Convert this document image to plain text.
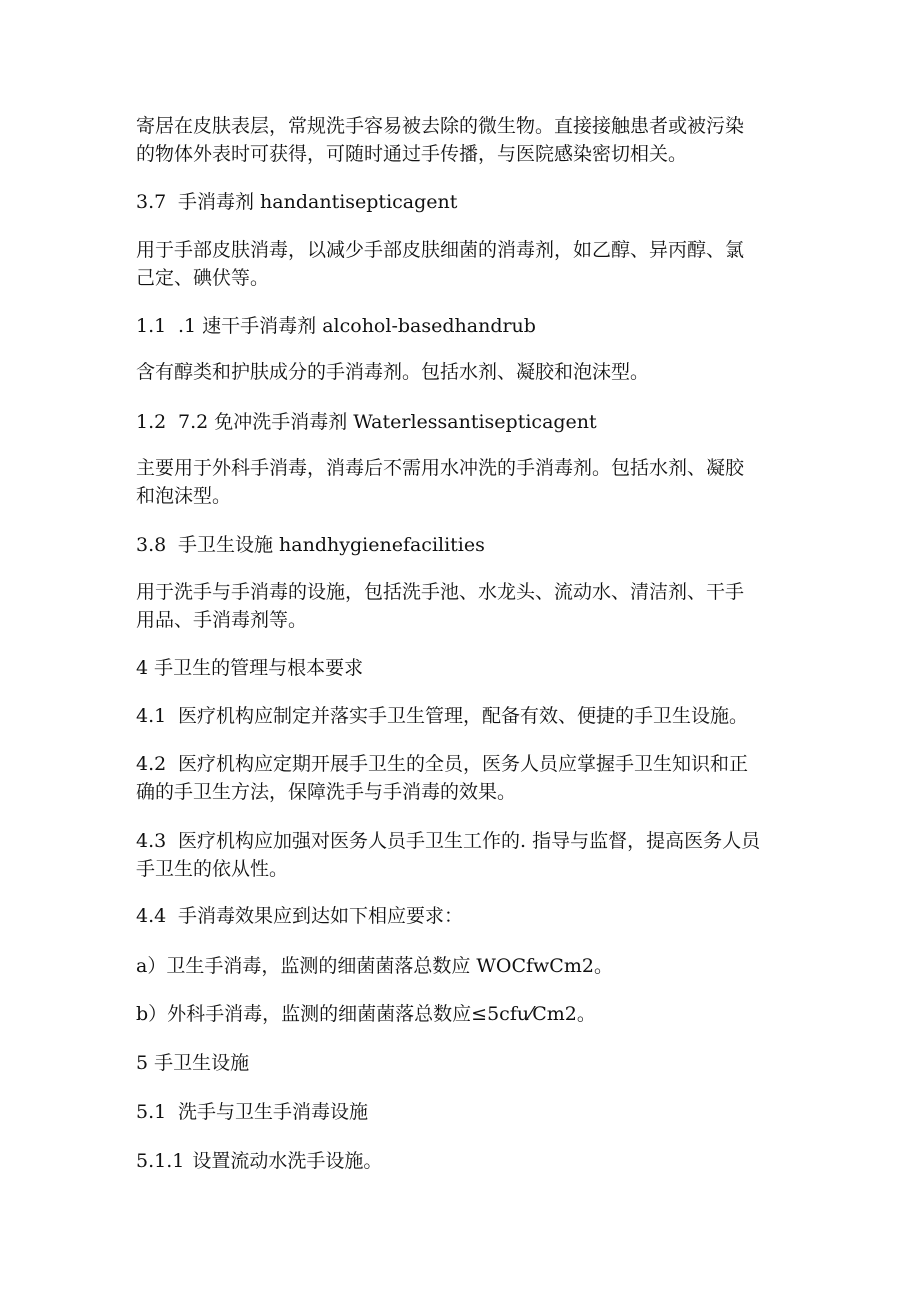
寄居在皮肤表层，常规洗手容易被去除的微生物。直接接触患者或被污染
的物体外表时可获得，可随时通过手传播，与医院感染密切相关。

3.7 手消毒剂 handantisepticagent

用于手部皮肤消毒，以减少手部皮肤细菌的消毒剂，如乙醇、异丙醇、氯
己定、碘伏等。

1.1 .1 速干手消毒剂 alcohol-basedhandrub

含有醇类和护肤成分的手消毒剂。包括水剂、凝胶和泡沫型。

1.2 7.2 免冲洗手消毒剂 Waterlessantisepticagent

主要用于外科手消毒，消毒后不需用水冲洗的手消毒剂。包括水剂、凝胶
和泡沫型。

3.8 手卫生设施 handhygienefacilities

用于洗手与手消毒的设施，包括洗手池、水龙头、流动水、清洁剂、干手
用品、手消毒剂等。

4 手卫生的管理与根本要求

4.1 医疗机构应制定并落实手卫生管理，配备有效、便捷的手卫生设施。

4.2 医疗机构应定期开展手卫生的全员，医务人员应掌握手卫生知识和正
确的手卫生方法，保障洗手与手消毒的效果。

4.3 医疗机构应加强对医务人员手卫生工作的. 指导与监督，提高医务人员
手卫生的依从性。

4.4 手消毒效果应到达如下相应要求：

a）卫生手消毒，监测的细菌菌落总数应 WOCfwCm2。

b）外科手消毒，监测的细菌菌落总数应≤5cfu⁄Cm2。

5 手卫生设施

5.1 洗手与卫生手消毒设施

5.1.1 设置流动水洗手设施。
